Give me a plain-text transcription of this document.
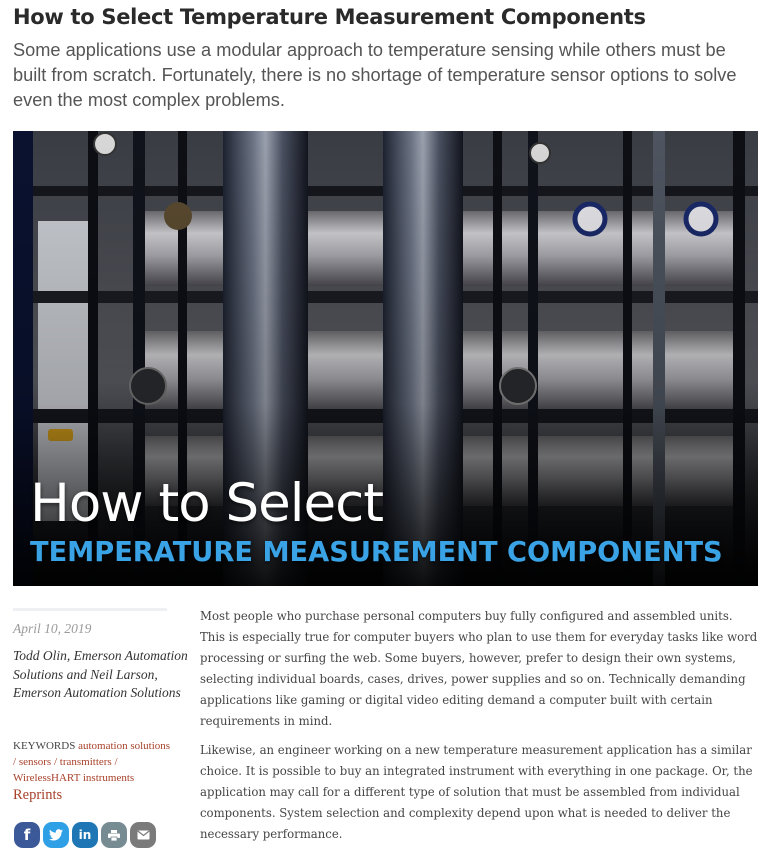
How to Select Temperature Measurement Components

Some applications use a modular approach to temperature sensing while others must be built from scratch. Fortunately, there is no shortage of temperature sensor options to solve even the most complex problems.

How to Select
TEMPERATURE MEASUREMENT COMPONENTS
April 10, 2019
Todd Olin, Emerson Automation Solutions and Neil Larson, Emerson Automation Solutions
KEYWORDS automation solutions
/ sensors / transmitters /
WirelessHART instruments
Reprints
f	in

Most people who purchase personal computers buy fully configured and assembled units. This is especially true for computer buyers who plan to use them for everyday tasks like word processing or surfing the web. Some buyers, however, prefer to design their own systems, selecting individual boards, cases, drives, power supplies and so on. Technically demanding applications like gaming or digital video editing demand a computer built with certain requirements in mind.

Likewise, an engineer working on a new temperature measurement application has a similar choice. It is possible to buy an integrated instrument with everything in one package. Or, the application may call for a different type of solution that must be assembled from individual components. System selection and complexity depend upon what is needed to deliver the necessary performance.
